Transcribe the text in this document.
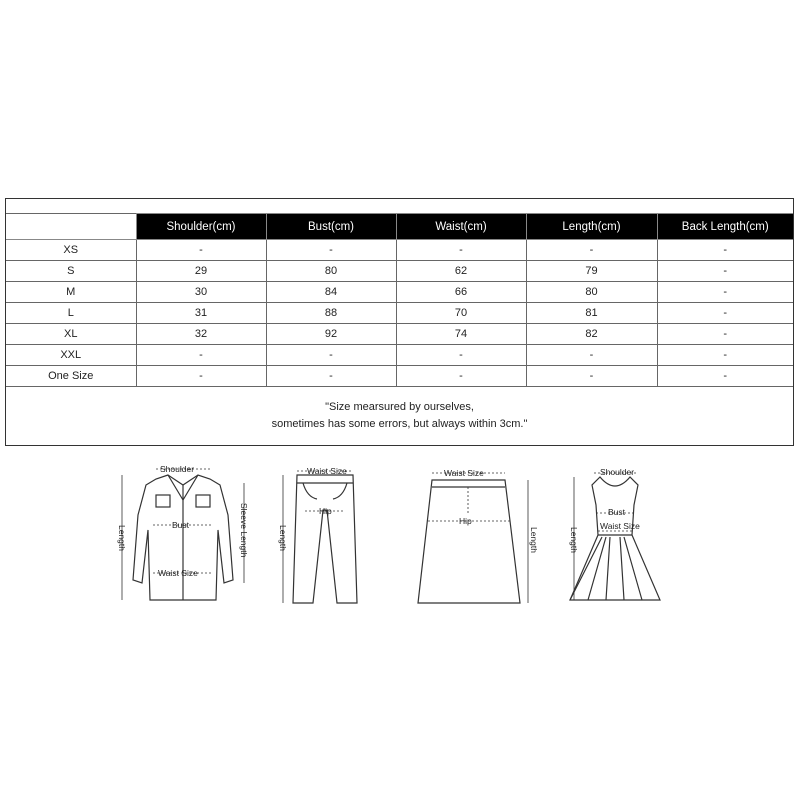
	Shoulder(cm)	Bust(cm)	Waist(cm)	Length(cm)	Back Length(cm)
XS	-	-	-	-	-
S	29	80	62	79	-
M	30	84	66	80	-
L	31	88	70	81	-
XL	32	92	74	82	-
XXL	-	-	-	-	-
One Size	-	-	-	-	-
"Size mearsured by ourselves,
sometimes has some errors, but always within 3cm."
Shoulder
Bust
Waist Size
Length	Sleeve Length
Waist Size
Hip
Length
Waist Size
Hip
Length
Shoulder
Bust
Waist Size
Length
